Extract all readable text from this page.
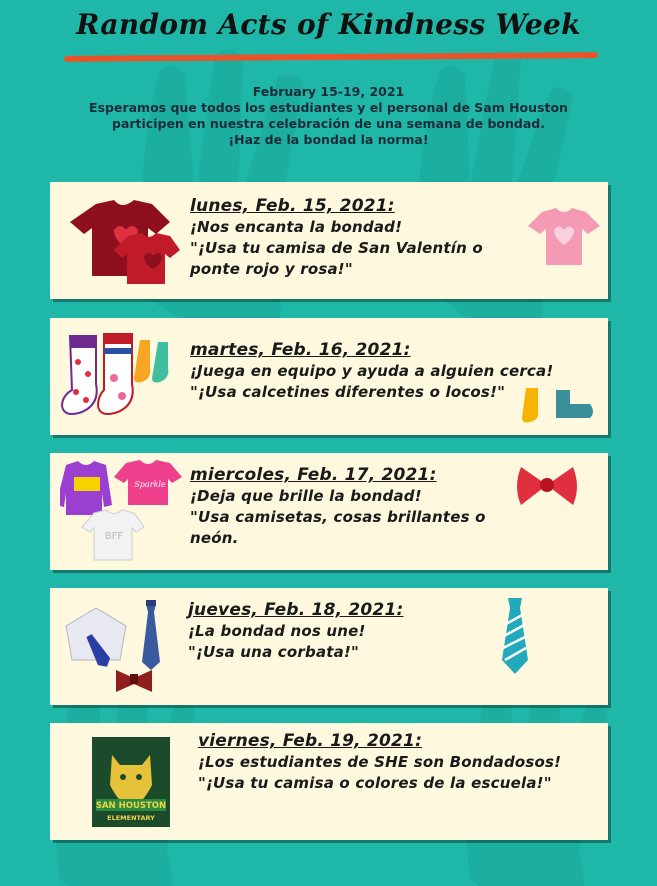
Random Acts of Kindness Week
February 15-19, 2021
Esperamos que todos los estudiantes y el personal de Sam Houston participen en nuestra celebración de una semana de bondad.
¡Haz de la bondad la norma!
lunes, Feb. 15, 2021:
¡Nos encanta la bondad!
"¡Usa tu camisa de San Valentín o ponte rojo y rosa!"
martes, Feb. 16, 2021:
¡Juega en equipo y ayuda a alguien cerca!
"¡Usa calcetines diferentes o locos!"
Sparkle
BFF
miercoles, Feb. 17, 2021:
¡Deja que brille la bondad!
"Usa camisetas, cosas brillantes o neón.
jueves, Feb. 18, 2021:
¡La bondad nos une!
"¡Usa una corbata!"
SAN HOUSTON
ELEMENTARY
viernes, Feb. 19, 2021:
¡Los estudiantes de SHE son Bondadosos!
"¡Usa tu camisa o colores de la escuela!"
